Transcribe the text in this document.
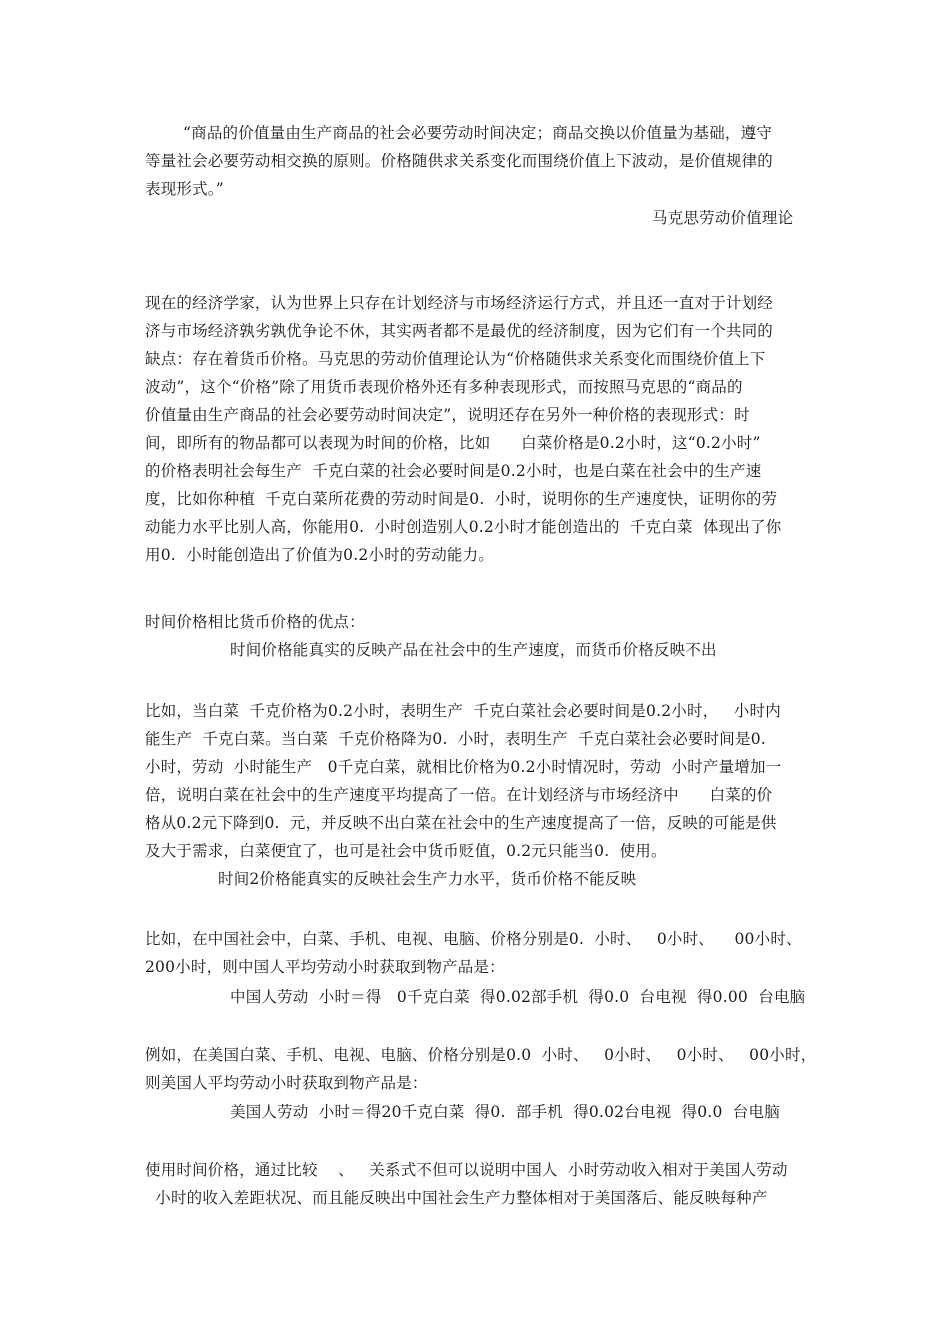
“商品的价值量由生产商品的社会必要劳动时间决定；商品交换以价值量为基础，遵守
等量社会必要劳动相交换的原则。价格随供求关系变化而围绕价值上下波动，是价值规律的
表现形式。”
马克思劳动价值理论
现在的经济学家，认为世界上只存在计划经济与市场经济运行方式，并且还一直对于计划经
济与市场经济孰劣孰优争论不休，其实两者都不是最优的经济制度，因为它们有一个共同的
缺点：存在着货币价格。马克思的劳动价值理论认为“价格随供求关系变化而围绕价值上下
波动”，这个“价格”除了用货币表现价格外还有多种表现形式，而按照马克思的“商品的
价值量由生产商品的社会必要劳动时间决定”，说明还存在另外一种价格的表现形式：时
间，即所有的物品都可以表现为时间的价格，比如      白菜价格是0.2小时，这“0.2小时”
的价格表明社会每生产  千克白菜的社会必要时间是0.2小时，也是白菜在社会中的生产速
度，比如你种植  千克白菜所花费的劳动时间是0.  小时，说明你的生产速度快，证明你的劳
动能力水平比别人高，你能用0.  小时创造别人0.2小时才能创造出的  千克白菜  体现出了你
用0.  小时能创造出了价值为0.2小时的劳动能力。
时间价格相比货币价格的优点：
时间价格能真实的反映产品在社会中的生产速度，而货币价格反映不出
比如，当白菜  千克价格为0.2小时，表明生产  千克白菜社会必要时间是0.2小时，   小时内
能生产  千克白菜。当白菜  千克价格降为0.  小时，表明生产  千克白菜社会必要时间是0.
小时，劳动  小时能生产   0千克白菜，就相比价格为0.2小时情况时，劳动  小时产量增加一
倍，说明白菜在社会中的生产速度平均提高了一倍。在计划经济与市场经济中      白菜的价
格从0.2元下降到0.  元，并反映不出白菜在社会中的生产速度提高了一倍，反映的可能是供
及大于需求，白菜便宜了，也可是社会中货币贬值，0.2元只能当0.  使用。
时间2价格能真实的反映社会生产力水平，货币价格不能反映
比如，在中国社会中，白菜、手机、电视、电脑、价格分别是0.  小时、   0小时、    00小时、
200小时，则中国人平均劳动小时获取到物产品是：
中国人劳动  小时＝得   0千克白菜  得0.02部手机  得0.0  台电视  得0.00  台电脑
例如，在美国白菜、手机、电视、电脑、价格分别是0.0  小时、   0小时、   0小时、   00小时，
则美国人平均劳动小时获取到物产品是：
美国人劳动  小时＝得20千克白菜  得0.  部手机  得0.02台电视  得0.0  台电脑
使用时间价格，通过比较    、   关系式不但可以说明中国人  小时劳动收入相对于美国人劳动
小时的收入差距状况、而且能反映出中国社会生产力整体相对于美国落后、能反映每种产
